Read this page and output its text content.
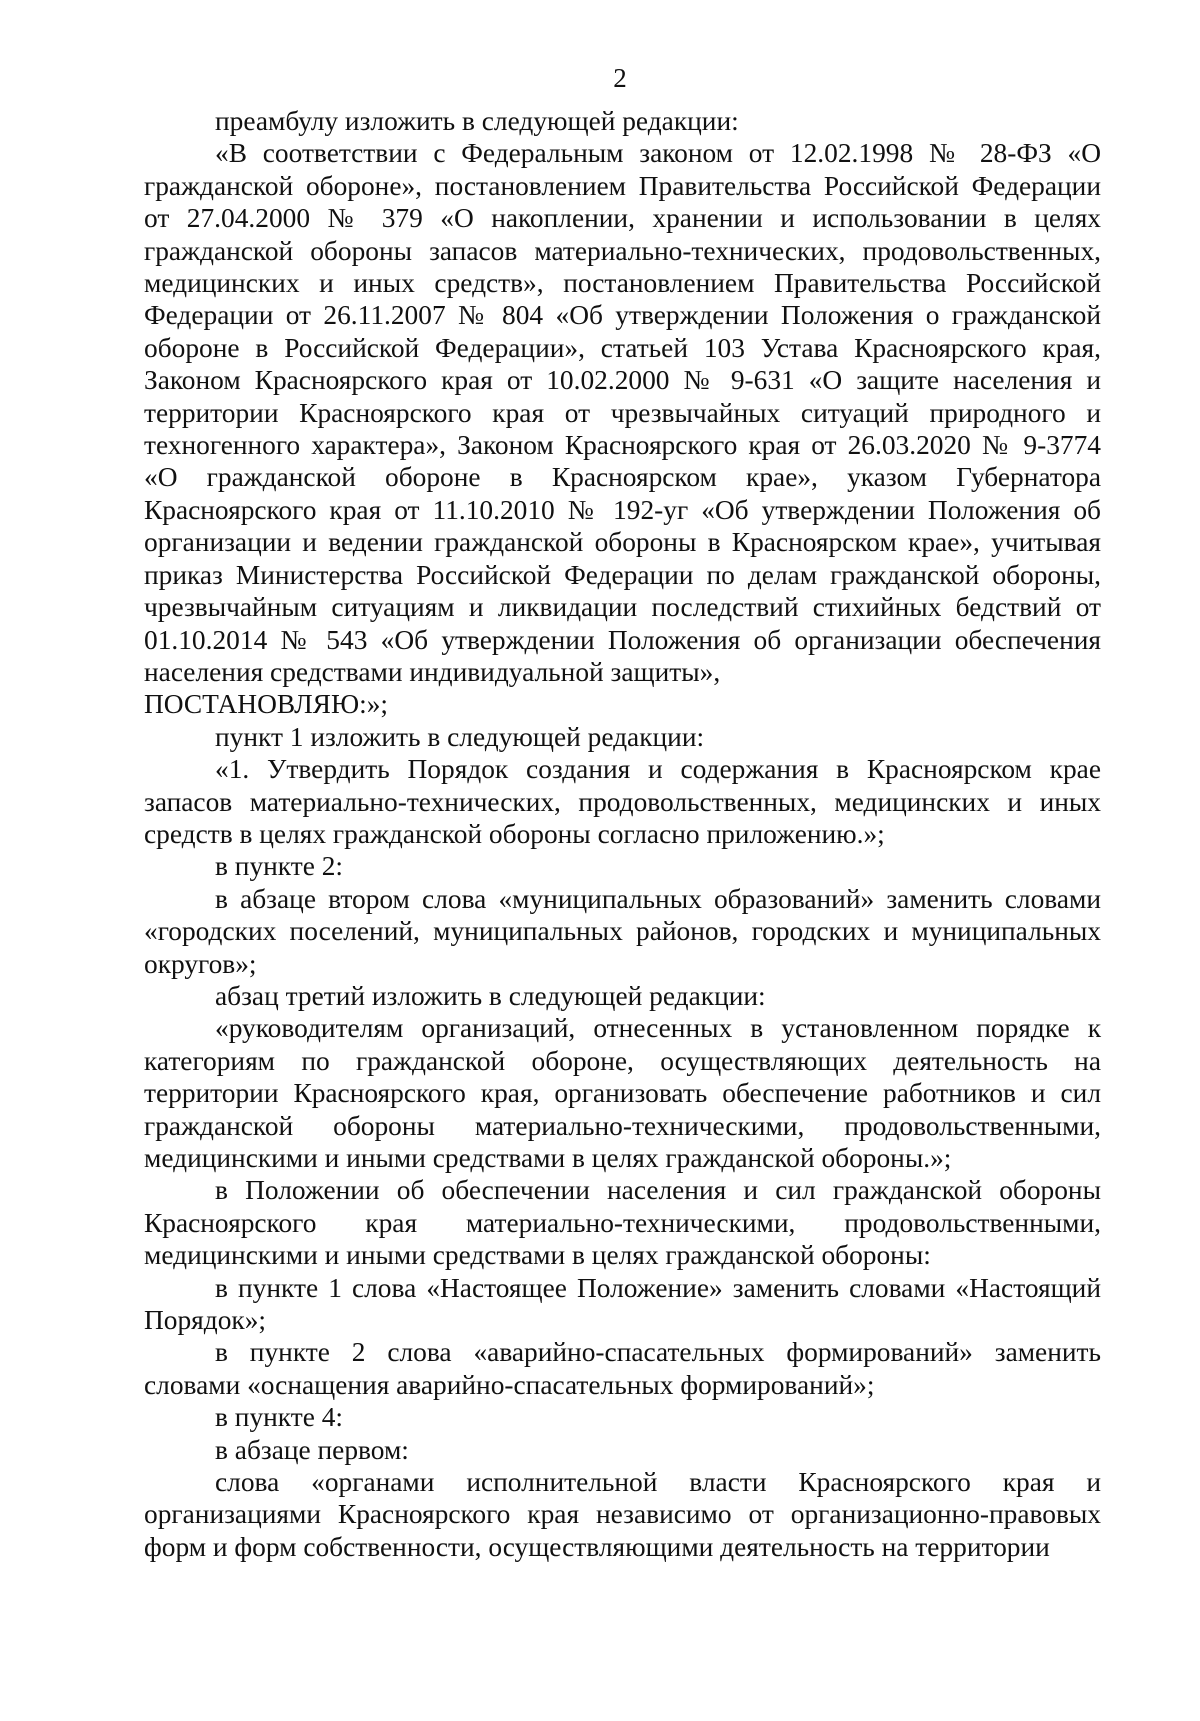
2

преамбулу изложить в следующей редакции:

«В соответствии с Федеральным законом от 12.02.1998 № 28-ФЗ «О гражданской обороне», постановлением Правительства Российской Федерации от 27.04.2000 № 379 «О накоплении, хранении и использовании в целях гражданской обороны запасов материально-технических, продовольственных, медицинских и иных средств», постановлением Правительства Российской Федерации от 26.11.2007 № 804 «Об утверждении Положения о гражданской обороне в Российской Федерации», статьей 103 Устава Красноярского края, Законом Красноярского края от 10.02.2000 № 9-631 «О защите населения и территории Красноярского края от чрезвычайных ситуаций природного и техногенного характера», Законом Красноярского края от 26.03.2020 № 9-3774 «О гражданской обороне в Красноярском крае», указом Губернатора Красноярского края от 11.10.2010 № 192-уг «Об утверждении Положения об организации и ведении гражданской обороны в Красноярском крае», учитывая приказ Министерства Российской Федерации по делам гражданской обороны, чрезвычайным ситуациям и ликвидации последствий стихийных бедствий от 01.10.2014 № 543 «Об утверждении Положения об организации обеспечения населения средствами индивидуальной защиты»,

ПОСТАНОВЛЯЮ:»;

пункт 1 изложить в следующей редакции:

«1. Утвердить Порядок создания и содержания в Красноярском крае запасов материально-технических, продовольственных, медицинских и иных средств в целях гражданской обороны согласно приложению.»;

в пункте 2:

в абзаце втором слова «муниципальных образований» заменить словами «городских поселений, муниципальных районов, городских и муниципальных округов»;

абзац третий изложить в следующей редакции:

«руководителям организаций, отнесенных в установленном порядке к категориям по гражданской обороне, осуществляющих деятельность на территории Красноярского края, организовать обеспечение работников и сил гражданской обороны материально-техническими, продовольственными, медицинскими и иными средствами в целях гражданской обороны.»;

в Положении об обеспечении населения и сил гражданской обороны Красноярского края материально-техническими, продовольственными, медицинскими и иными средствами в целях гражданской обороны:

в пункте 1 слова «Настоящее Положение» заменить словами «Настоящий Порядок»;

в пункте 2 слова «аварийно-спасательных формирований» заменить словами «оснащения аварийно-спасательных формирований»;

в пункте 4:

в абзаце первом:

слова «органами исполнительной власти Красноярского края и организациями Красноярского края независимо от организационно-правовых форм и форм собственности, осуществляющими деятельность на территории
